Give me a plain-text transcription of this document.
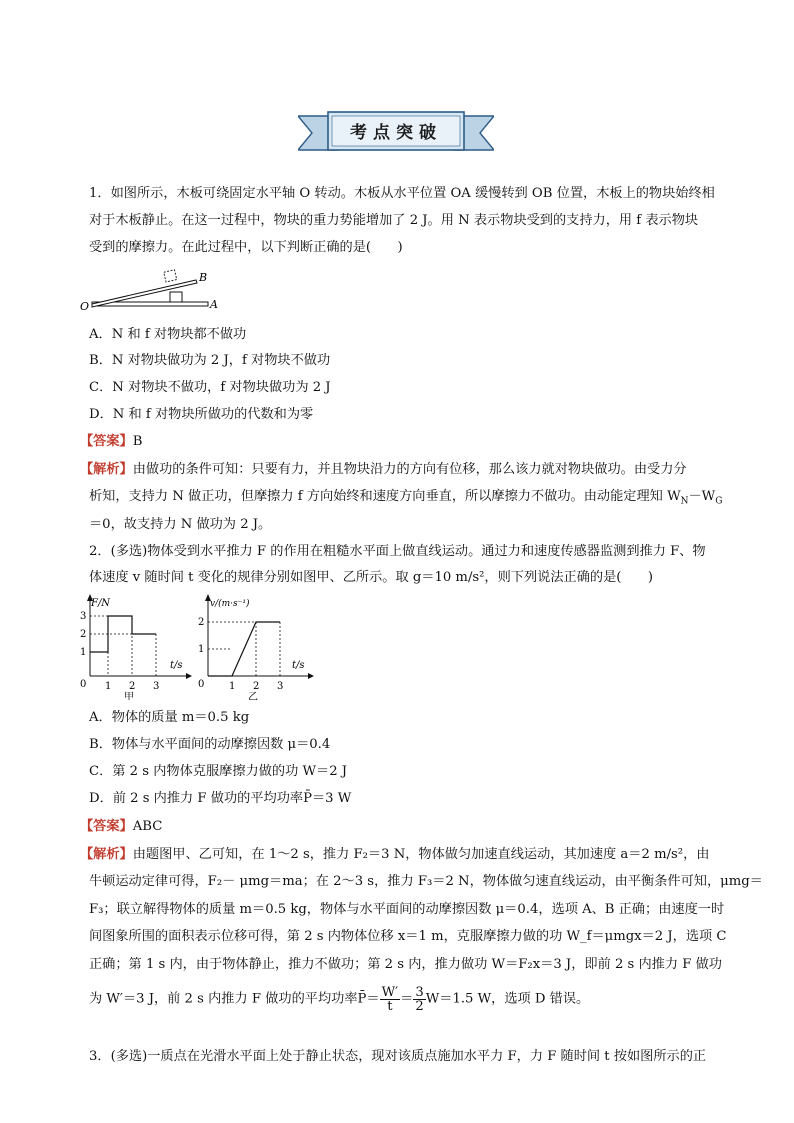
考点突破
1．如图所示，木板可绕固定水平轴 O 转动。木板从水平位置 OA 缓慢转到 OB 位置，木板上的物块始终相
对于木板静止。在这一过程中，物块的重力势能增加了 2 J。用 N 表示物块受到的支持力，用 f 表示物块
受到的摩擦力。在此过程中，以下判断正确的是(　　)
O	A
B
A．N 和 f 对物块都不做功
B．N 对物块做功为 2 J，f 对物块不做功
C．N 对物块不做功，f 对物块做功为 2 J
D．N 和 f 对物块所做功的代数和为零
【答案】B
【解析】由做功的条件可知：只要有力，并且物块沿力的方向有位移，那么该力就对物块做功。由受力分
析知，支持力 N 做正功，但摩擦力 f 方向始终和速度方向垂直，所以摩擦力不做功。由动能定理知 $W_N-W_G$
＝0，故支持力 N 做功为 2 J。
2．(多选)物体受到水平推力 F 的作用在粗糙水平面上做直线运动。通过力和速度传感器监测到推力 F、物
体速度 v 随时间 t 变化的规律分别如图甲、乙所示。取 g＝10 m/s²，则下列说法正确的是(　　)
F/N
t/s
1
2
3
0 1 2 3
甲
v/(m·s⁻¹)
t/s
1
2
0 1 2 3
乙
A．物体的质量 m＝0.5 kg
B．物体与水平面间的动摩擦因数 μ＝0.4
C．第 2 s 内物体克服摩擦力做的功 W＝2 J
D．前 2 s 内推力 F 做功的平均功率P̄＝3 W
【答案】ABC
【解析】由题图甲、乙可知，在 1～2 s，推力 F₂＝3 N，物体做匀加速直线运动，其加速度 a＝2 m/s²，由
牛顿运动定律可得，F₂－ μmg＝ma；在 2～3 s，推力 F₃＝2 N，物体做匀速直线运动，由平衡条件可知，μmg＝
F₃；联立解得物体的质量 m＝0.5 kg，物体与水平面间的动摩擦因数 μ＝0.4，选项 A、B 正确；由速度一时
间图象所围的面积表示位移可得，第 2 s 内物体位移 x＝1 m，克服摩擦力做的功 W_f＝μmgx＝2 J，选项 C
正确；第 1 s 内，由于物体静止，推力不做功；第 2 s 内，推力做功 W＝F₂x＝3 J，即前 2 s 内推力 F 做功
为 W′＝3 J，前 2 s 内推力 F 做功的平均功率P̄＝ $\frac{W'}{t} = \frac{3}{2} W=1.5$ W，选项 D 错误。
3．(多选)一质点在光滑水平面上处于静止状态，现对该质点施加水平力 F，力 F 随时间 t 按如图所示的正
